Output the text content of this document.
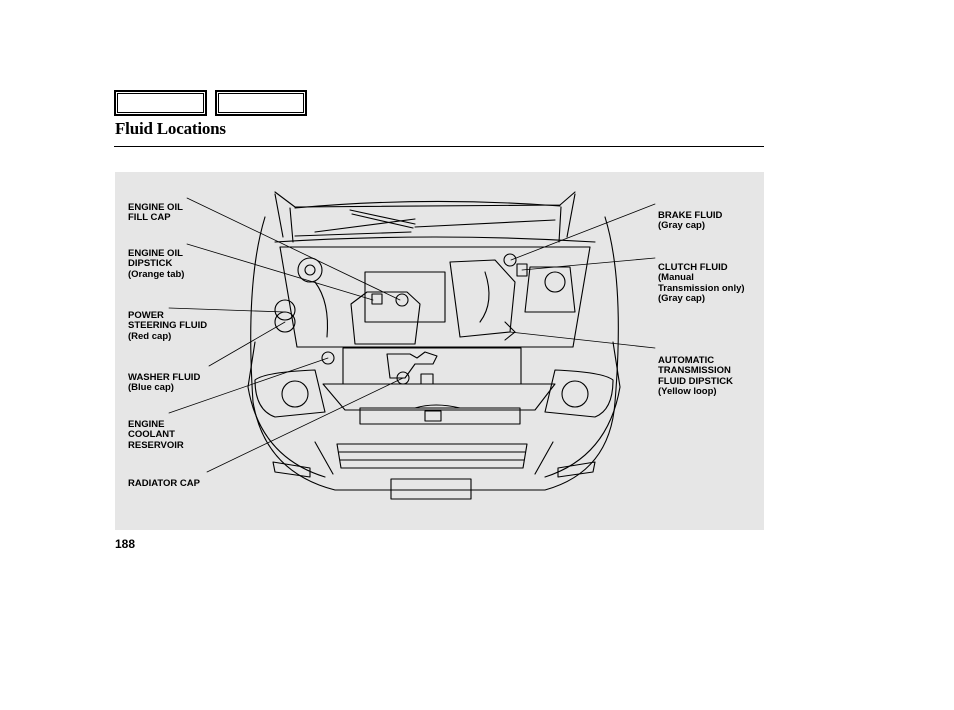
Fluid Locations

ENGINE OIL
FILL CAP

ENGINE OIL
DIPSTICK

(Orange tab)

POWER
STEERING FLUID

(Red cap)

WASHER FLUID

(Blue cap)

ENGINE
COOLANT
RESERVOIR

RADIATOR CAP

BRAKE FLUID

(Gray cap)

CLUTCH FLUID

(Manual
Transmission only)
(Gray cap)

AUTOMATIC
TRANSMISSION
FLUID DIPSTICK

(Yellow loop)

188
